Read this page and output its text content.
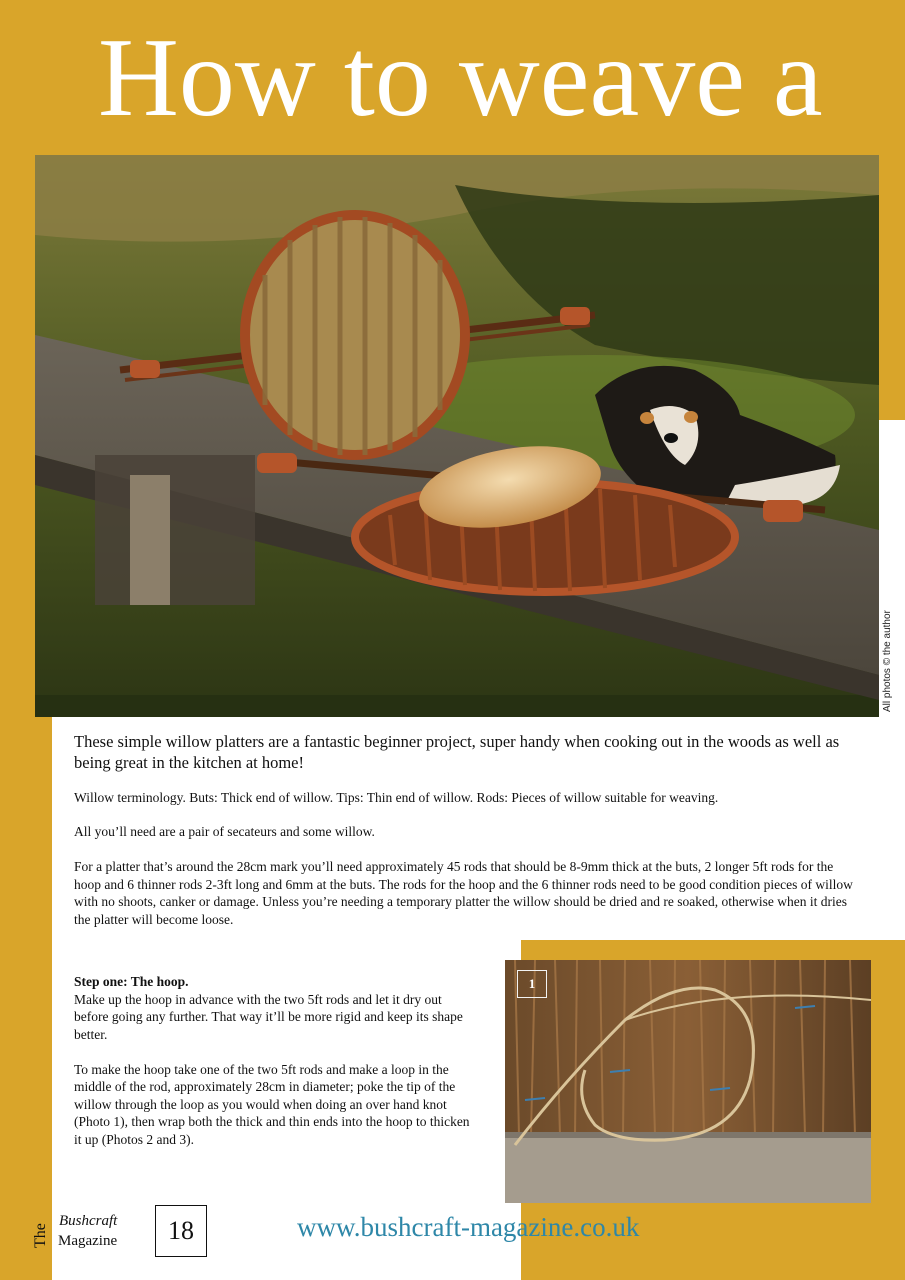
How to weave a
All photos © the author

These simple willow platters are a fantastic beginner project, super handy when cooking out in the woods as well as being great in the kitchen at home!

Willow terminology. Buts: Thick end of willow. Tips: Thin end of willow. Rods: Pieces of willow suitable for weaving.

All you’ll need are a pair of secateurs and some willow.

For a platter that’s around the 28cm mark you’ll need approximately 45 rods that should be 8-9mm thick at the buts, 2 longer 5ft rods for the hoop and 6 thinner rods 2-3ft long and 6mm at the buts. The rods for the hoop and the 6 thinner rods need to be good condition pieces of willow with no shoots, canker or damage. Unless you’re needing a temporary platter the willow should be dried and re soaked, otherwise when it dries the platter will become loose.

Step one: The hoop.
Make up the hoop in advance with the two 5ft rods and let it dry out before going any further. That way it’ll be more rigid and keep its shape better.
To make the hoop take one of the two 5ft rods and make a loop in the middle of the rod, approximately 28cm in diameter; poke the tip of the willow through the loop as you would when doing an over hand knot (Photo 1), then wrap both the thick and thin ends into the hoop to thicken it up (Photos 2 and 3).
1
The
Bushcraft
Magazine	18	www.bushcraft-magazine.co.uk
